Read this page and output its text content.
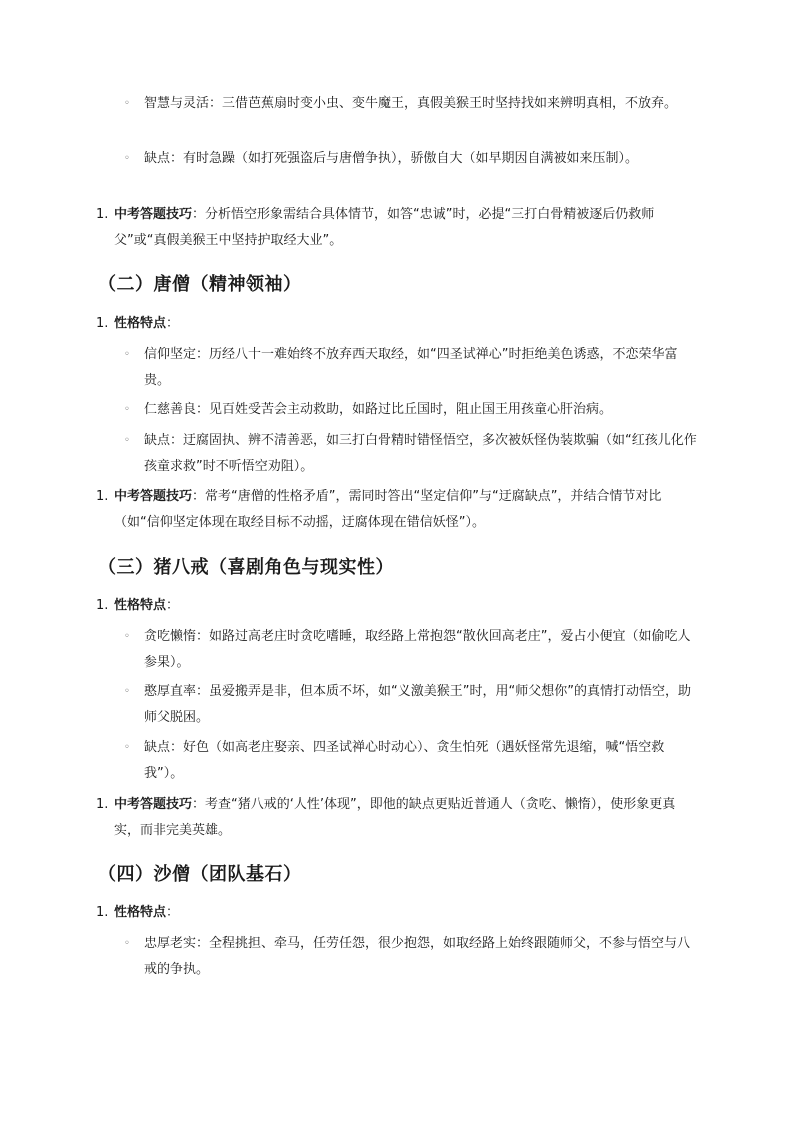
◦ 智慧与灵活：三借芭蕉扇时变小虫、变牛魔王，真假美猴王时坚持找如来辨明真相，不放弃。
◦ 缺点：有时急躁（如打死强盗后与唐僧争执），骄傲自大（如早期因自满被如来压制）。
1. 中考答题技巧：分析悟空形象需结合具体情节，如答“忠诚”时，必提“三打白骨精被逐后仍救师父”或“真假美猴王中坚持护取经大业”。
（二）唐僧（精神领袖）
1. 性格特点：
◦ 信仰坚定：历经八十一难始终不放弃西天取经，如“四圣试禅心”时拒绝美色诱惑，不恋荣华富贵。
◦ 仁慈善良：见百姓受苦会主动救助，如路过比丘国时，阻止国王用孩童心肝治病。
◦ 缺点：迂腐固执、辨不清善恶，如三打白骨精时错怪悟空，多次被妖怪伪装欺骗（如“红孩儿化作孩童求救”时不听悟空劝阻）。
1. 中考答题技巧：常考“唐僧的性格矛盾”，需同时答出“坚定信仰”与“迂腐缺点”，并结合情节对比（如“信仰坚定体现在取经目标不动摇，迂腐体现在错信妖怪”）。
（三）猪八戒（喜剧角色与现实性）
1. 性格特点：
◦ 贪吃懒惰：如路过高老庄时贪吃嗜睡，取经路上常抱怨“散伙回高老庄”，爱占小便宜（如偷吃人参果）。
◦ 憨厚直率：虽爱搬弄是非，但本质不坏，如“义激美猴王”时，用“师父想你”的真情打动悟空，助师父脱困。
◦ 缺点：好色（如高老庄娶亲、四圣试禅心时动心）、贪生怕死（遇妖怪常先退缩，喊“悟空救我”）。
1. 中考答题技巧：考查“猪八戒的‘人性’体现”，即他的缺点更贴近普通人（贪吃、懒惰），使形象更真实，而非完美英雄。
（四）沙僧（团队基石）
1. 性格特点：
◦ 忠厚老实：全程挑担、牵马，任劳任怨，很少抱怨，如取经路上始终跟随师父，不参与悟空与八戒的争执。
